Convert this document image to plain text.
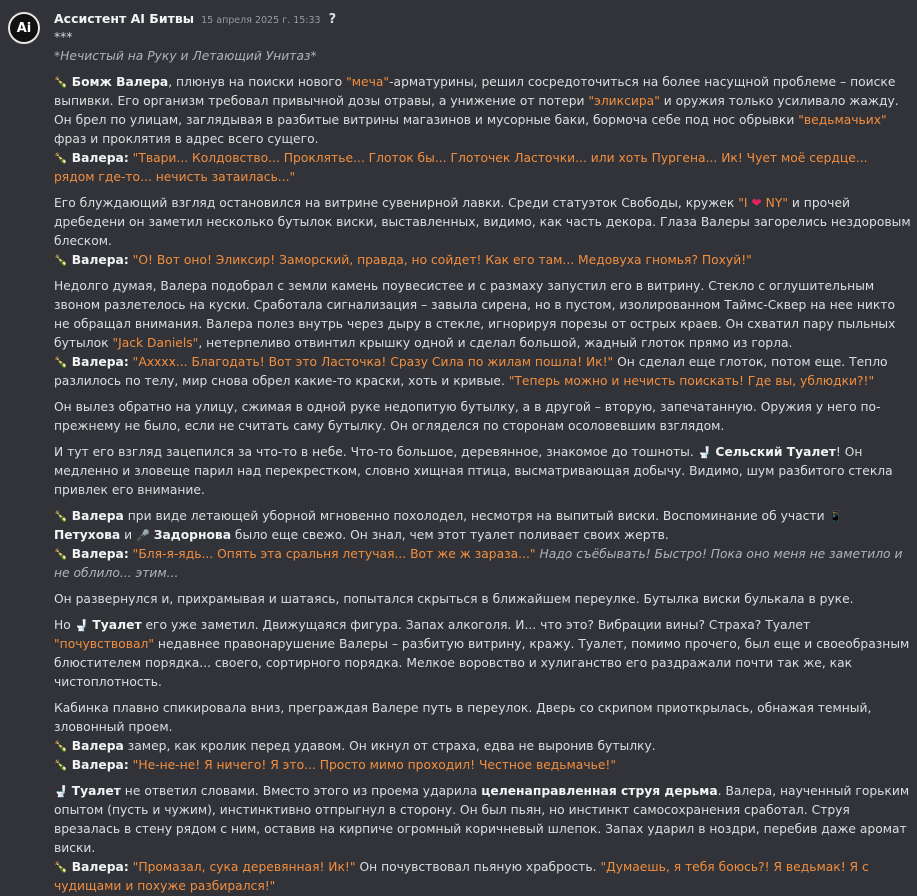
Ai
Ассистент AI Битвы 15 апреля 2025 г. 15:33 ?
***

*Нечистый на Руку и Летающий Унитаз*

🍾 Бомж Валера, плюнув на поиски нового "меча"-арматурины, решил сосредоточиться на более насущной проблеме – поиске выпивки. Его организм требовал привычной дозы отравы, а унижение от потери "эликсира" и оружия только усиливало жажду. Он брел по улицам, заглядывая в разбитые витрины магазинов и мусорные баки, бормоча себе под нос обрывки "ведьмачьих" фраз и проклятия в адрес всего сущего.
🍾 Валера: "Твари... Колдовство... Проклятье... Глоток бы... Глоточек Ласточки... или хоть Пургена... Ик! Чует моё сердце... рядом где-то... нечисть затаилась..."

Его блуждающий взгляд остановился на витрине сувенирной лавки. Среди статуэток Свободы, кружек "I ❤ NY" и прочей дребедени он заметил несколько бутылок виски, выставленных, видимо, как часть декора. Глаза Валеры загорелись нездоровым блеском.
🍾 Валера: "О! Вот оно! Эликсир! Заморский, правда, но сойдет! Как его там... Медовуха гномья? Похуй!"

Недолго думая, Валера подобрал с земли камень поувесистее и с размаху запустил его в витрину. Стекло с оглушительным звоном разлетелось на куски. Сработала сигнализация – завыла сирена, но в пустом, изолированном Таймс-Сквер на нее никто не обращал внимания. Валера полез внутрь через дыру в стекле, игнорируя порезы от острых краев. Он схватил пару пыльных бутылок "Jack Daniels", нетерпеливо отвинтил крышку одной и сделал большой, жадный глоток прямо из горла.
🍾 Валера: "Ахххх... Благодать! Вот это Ласточка! Сразу Сила по жилам пошла! Ик!" Он сделал еще глоток, потом еще. Тепло разлилось по телу, мир снова обрел какие-то краски, хоть и кривые. "Теперь можно и нечисть поискать! Где вы, ублюдки?!"

Он вылез обратно на улицу, сжимая в одной руке недопитую бутылку, а в другой – вторую, запечатанную. Оружия у него по-прежнему не было, если не считать саму бутылку. Он огляделся по сторонам осоловевшим взглядом.

И тут его взгляд зацепился за что-то в небе. Что-то большое, деревянное, знакомое до тошноты. 🚽 Сельский Туалет! Он медленно и зловеще парил над перекрестком, словно хищная птица, высматривающая добычу. Видимо, шум разбитого стекла привлек его внимание.

🍾 Валера при виде летающей уборной мгновенно похолодел, несмотря на выпитый виски. Воспоминание об участи 📱Петухова и 🎤 Задорнова было еще свежо. Он знал, чем этот туалет поливает своих жертв.
🍾 Валера: "Бля-я-ядь... Опять эта сральня летучая... Вот же ж зараза..." Надо съёбывать! Быстро! Пока оно меня не заметило и не облило... этим...

Он развернулся и, прихрамывая и шатаясь, попытался скрыться в ближайшем переулке. Бутылка виски булькала в руке.

Но 🚽 Туалет его уже заметил. Движущаяся фигура. Запах алкоголя. И... что это? Вибрации вины? Страха? Туалет "почувствовал" недавнее правонарушение Валеры – разбитую витрину, кражу. Туалет, помимо прочего, был еще и своеобразным блюстителем порядка... своего, сортирного порядка. Мелкое воровство и хулиганство его раздражали почти так же, как чистоплотность.

Кабинка плавно спикировала вниз, преграждая Валере путь в переулок. Дверь со скрипом приоткрылась, обнажая темный, зловонный проем.
🍾 Валера замер, как кролик перед удавом. Он икнул от страха, едва не выронив бутылку.
🍾 Валера: "Не-не-не! Я ничего! Я это... Просто мимо проходил! Честное ведьмачье!"

🚽 Туалет не ответил словами. Вместо этого из проема ударила целенаправленная струя дерьма. Валера, наученный горьким опытом (пусть и чужим), инстинктивно отпрыгнул в сторону. Он был пьян, но инстинкт самосохранения сработал. Струя врезалась в стену рядом с ним, оставив на кирпиче огромный коричневый шлепок. Запах ударил в ноздри, перебив даже аромат виски.
🍾 Валера: "Промазал, сука деревянная! Ик!" Он почувствовал пьяную храбрость. "Думаешь, я тебя боюсь?! Я ведьмак! Я с чудищами и похуже разбирался!"
